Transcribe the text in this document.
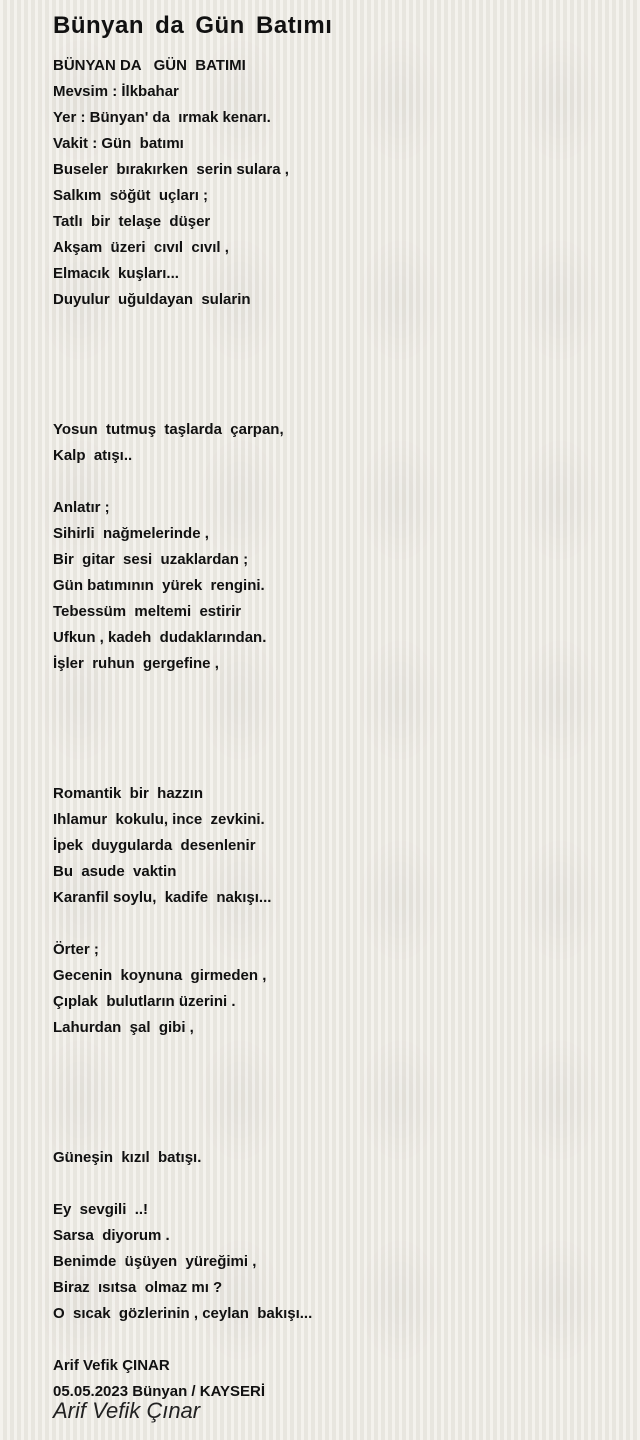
Bünyan da Gün Batımı
BÜNYAN DA   GÜN  BATIMI
Mevsim : İlkbahar
Yer : Bünyan' da  ırmak kenarı.
Vakit : Gün  batımı
Buseler  bırakırken  serin sulara ,
Salkım  söğüt  uçları ;
Tatlı  bir  telaşe  düşer
Akşam  üzeri  cıvıl  cıvıl ,
Elmacık  kuşları...
Duyulur  uğuldayan  sularin
Yosun  tutmuş  taşlarda  çarpan,
Kalp  atışı..
Anlatır ;
Sihirli  nağmelerinde ,
Bir  gitar  sesi  uzaklardan ;
Gün batımının  yürek  rengini.
Tebessüm  meltemi  estirir
Ufkun , kadeh  dudaklarından.
İşler  ruhun  gergefine ,
Romantik  bir  hazzın
Ihlamur  kokulu, ince  zevkini.
İpek  duygularda  desenlenir
Bu  asude  vaktin
Karanfil soylu,  kadife  nakışı...
Örter ;
Gecenin  koynuna  girmeden ,
Çıplak  bulutların üzerini .
Lahurdan  şal  gibi ,
Güneşin  kızıl  batışı.
Ey  sevgili  ..!
Sarsa  diyorum .
Benimde  üşüyen  yüreğimi ,
Biraz  ısıtsa  olmaz mı ?
O  sıcak  gözlerinin , ceylan  bakışı...
Arif Vefik ÇINAR
05.05.2023 Bünyan / KAYSERİ
Arif Vefik Çınar
